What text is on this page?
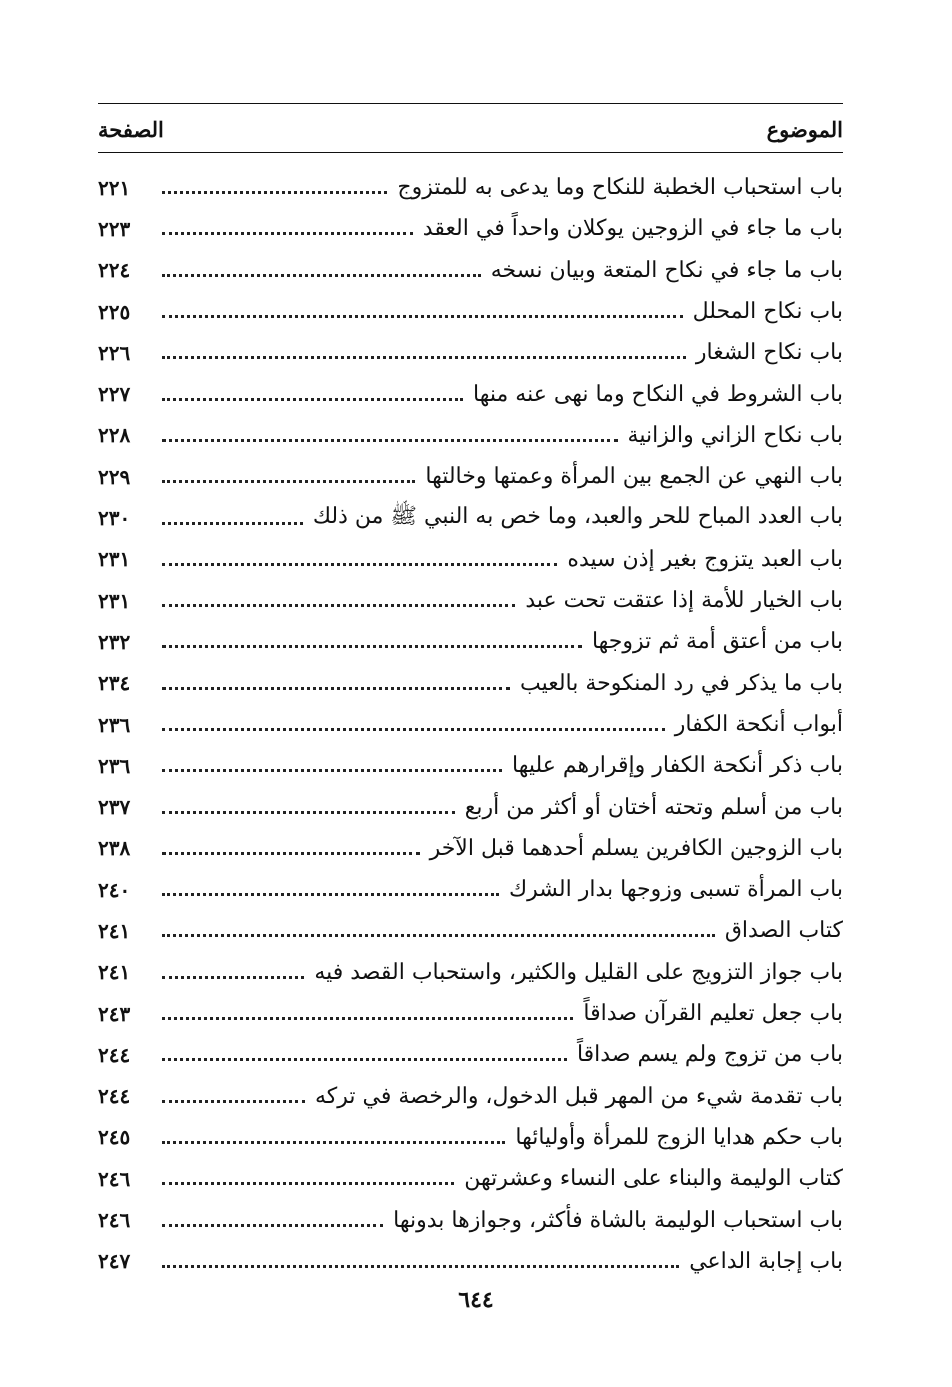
الموضوع
الصفحة
باب استحباب الخطبة للنكاح وما يدعى به للمتزوج
٢٢١
باب ما جاء في الزوجين يوكلان واحداً في العقد
٢٢٣
باب ما جاء في نكاح المتعة وبيان نسخه
٢٢٤
باب نكاح المحلل
٢٢٥
باب نكاح الشغار
٢٢٦
باب الشروط في النكاح وما نهى عنه منها
٢٢٧
باب نكاح الزاني والزانية
٢٢٨
باب النهي عن الجمع بين المرأة وعمتها وخالتها
٢٢٩
باب العدد المباح للحر والعبد، وما خص به النبي ﷺ من ذلك
٢٣٠
باب العبد يتزوج بغير إذن سيده
٢٣١
باب الخيار للأمة إذا عتقت تحت عبد
٢٣١
باب من أعتق أمة ثم تزوجها
٢٣٢
باب ما يذكر في رد المنكوحة بالعيب
٢٣٤
أبواب أنكحة الكفار
٢٣٦
باب ذكر أنكحة الكفار وإقرارهم عليها
٢٣٦
باب من أسلم وتحته أختان أو أكثر من أربع
٢٣٧
باب الزوجين الكافرين يسلم أحدهما قبل الآخر
٢٣٨
باب المرأة تسبى وزوجها بدار الشرك
٢٤٠
كتاب الصداق
٢٤١
باب جواز التزويج على القليل والكثير، واستحباب القصد فيه
٢٤١
باب جعل تعليم القرآن صداقاً
٢٤٣
باب من تزوج ولم يسم صداقاً
٢٤٤
باب تقدمة شيء من المهر قبل الدخول، والرخصة في تركه
٢٤٤
باب حكم هدايا الزوج للمرأة وأوليائها
٢٤٥
كتاب الوليمة والبناء على النساء وعشرتهن
٢٤٦
باب استحباب الوليمة بالشاة فأكثر، وجوازها بدونها
٢٤٦
باب إجابة الداعي
٢٤٧
٦٤٤
